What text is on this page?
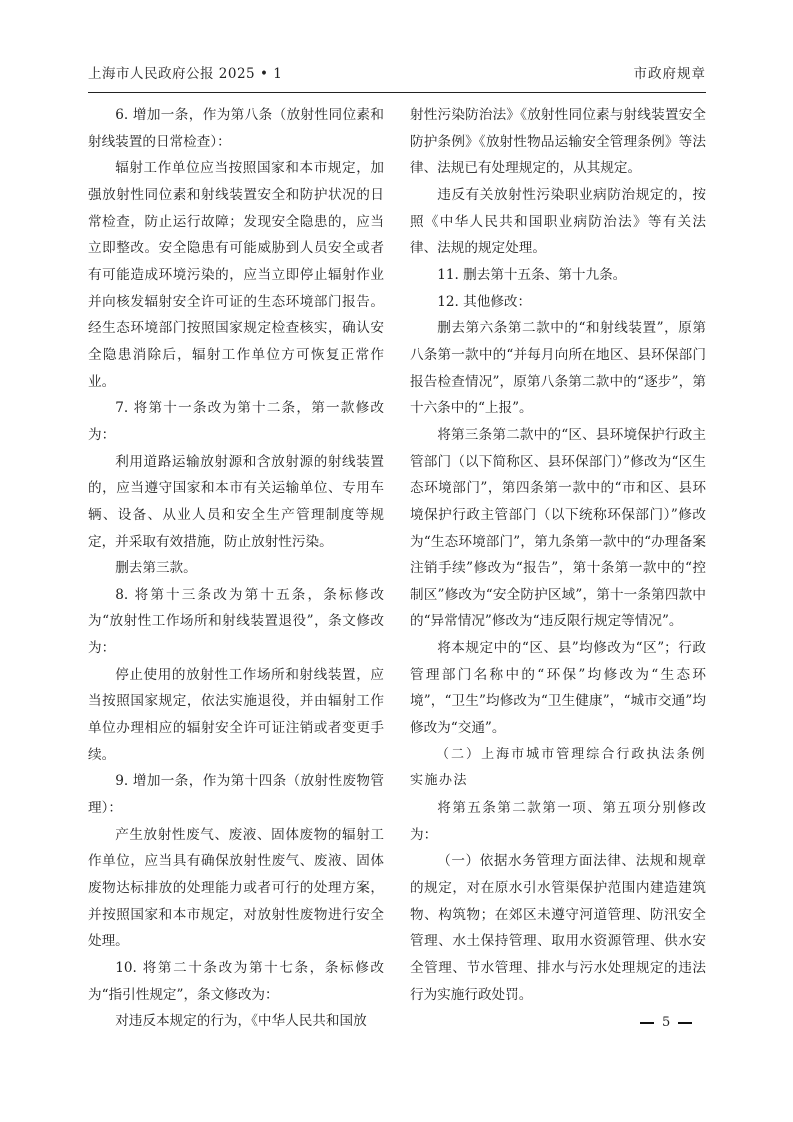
上海市人民政府公报 2025 • 1	市政府规章

6. 增加一条，作为第八条（放射性同位素和射线装置的日常检查）：

辐射工作单位应当按照国家和本市规定，加强放射性同位素和射线装置安全和防护状况的日常检查，防止运行故障；发现安全隐患的，应当立即整改。安全隐患有可能威胁到人员安全或者有可能造成环境污染的，应当立即停止辐射作业并向核发辐射安全许可证的生态环境部门报告。经生态环境部门按照国家规定检查核实，确认安全隐患消除后，辐射工作单位方可恢复正常作业。

7. 将第十一条改为第十二条，第一款修改为：

利用道路运输放射源和含放射源的射线装置的，应当遵守国家和本市有关运输单位、专用车辆、设备、从业人员和安全生产管理制度等规定，并采取有效措施，防止放射性污染。

删去第三款。

8. 将第十三条改为第十五条，条标修改为“放射性工作场所和射线装置退役”，条文修改为：

停止使用的放射性工作场所和射线装置，应当按照国家规定，依法实施退役，并由辐射工作单位办理相应的辐射安全许可证注销或者变更手续。

9. 增加一条，作为第十四条（放射性废物管理）：

产生放射性废气、废液、固体废物的辐射工作单位，应当具有确保放射性废气、废液、固体废物达标排放的处理能力或者可行的处理方案，并按照国家和本市规定，对放射性废物进行安全处理。

10. 将第二十条改为第十七条，条标修改为“指引性规定”，条文修改为：

对违反本规定的行为，《中华人民共和国放

射性污染防治法》《放射性同位素与射线装置安全防护条例》《放射性物品运输安全管理条例》等法律、法规已有处理规定的，从其规定。

违反有关放射性污染职业病防治规定的，按照《中华人民共和国职业病防治法》等有关法律、法规的规定处理。

11. 删去第十五条、第十九条。

12. 其他修改：

删去第六条第二款中的“和射线装置”，原第八条第一款中的“并每月向所在地区、县环保部门报告检查情况”，原第八条第二款中的“逐步”，第十六条中的“上报”。

将第三条第二款中的“区、县环境保护行政主管部门（以下简称区、县环保部门）”修改为“区生态环境部门”，第四条第一款中的“市和区、县环境保护行政主管部门（以下统称环保部门）”修改为“生态环境部门”，第九条第一款中的“办理备案注销手续”修改为“报告”，第十条第一款中的“控制区”修改为“安全防护区域”，第十一条第四款中的“异常情况”修改为“违反限行规定等情况”。

将本规定中的“区、县”均修改为“区”；行政管理部门名称中的“环保”均修改为“生态环境”，“卫生”均修改为“卫生健康”，“城市交通”均修改为“交通”。

（二）上海市城市管理综合行政执法条例实施办法

将第五条第二款第一项、第五项分别修改为：

（一）依据水务管理方面法律、法规和规章的规定，对在原水引水管渠保护范围内建造建筑物、构筑物；在郊区未遵守河道管理、防汛安全管理、水土保持管理、取用水资源管理、供水安全管理、节水管理、排水与污水处理规定的违法行为实施行政处罚。

5
